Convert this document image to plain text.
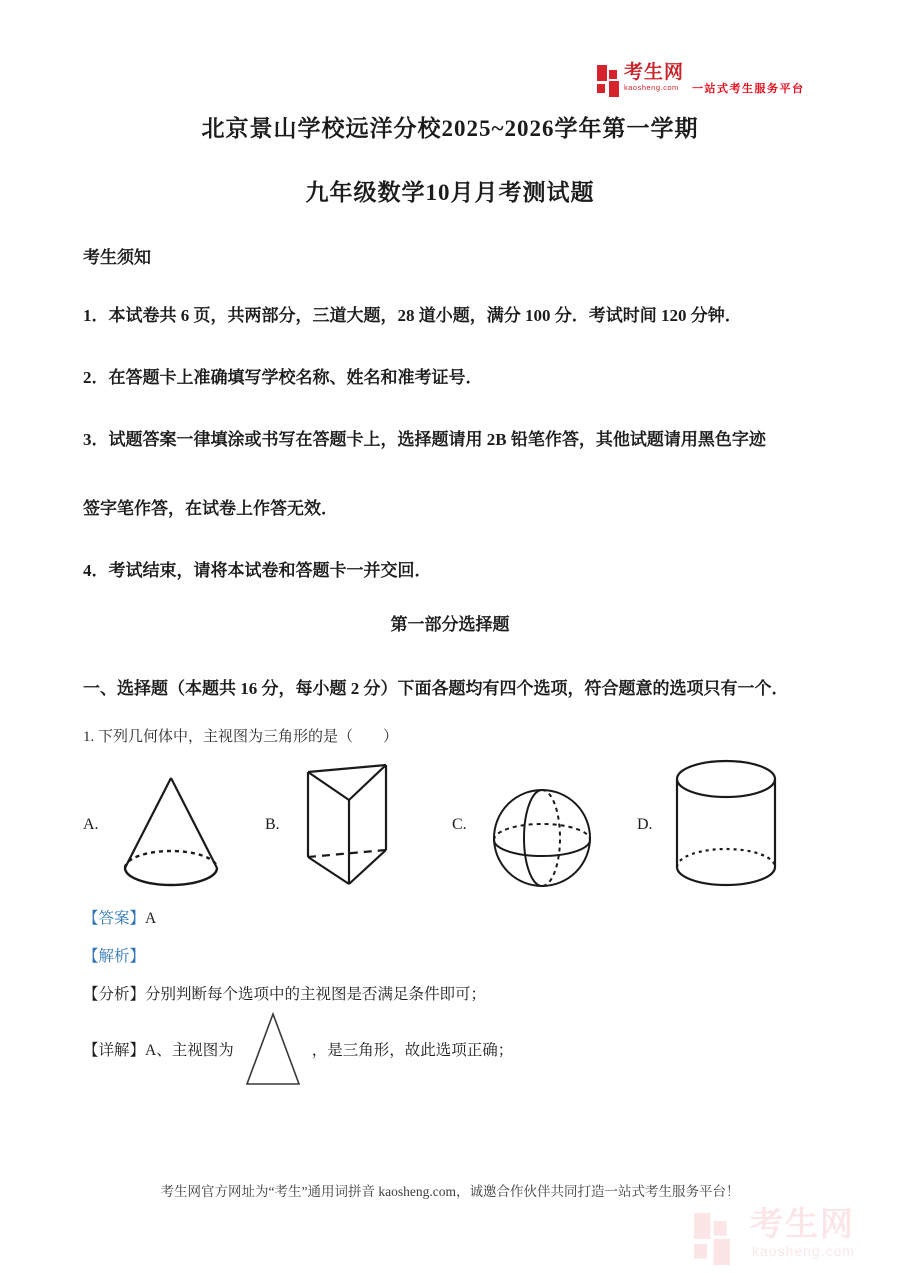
考生网
kaosheng.com	一站式考生服务平台
北京景山学校远洋分校2025~2026学年第一学期
九年级数学10月月考测试题
考生须知
1．本试卷共 6 页，共两部分，三道大题，28 道小题，满分 100 分．考试时间 120 分钟．
2．在答题卡上准确填写学校名称、姓名和准考证号．
3．试题答案一律填涂或书写在答题卡上，选择题请用 2B 铅笔作答，其他试题请用黑色字迹
签字笔作答，在试卷上作答无效．
4．考试结束，请将本试卷和答题卡一并交回．
第一部分选择题
一、选择题（本题共 16 分，每小题 2 分）下面各题均有四个选项，符合题意的选项只有一个．
1. 下列几何体中，主视图为三角形的是（　　）
A.	B.	C.	D.
【答案】A
【解析】
【分析】分别判断每个选项中的主视图是否满足条件即可；
【详解】 A、主视图为	，是三角形，故此选项正确；
考生网官方网址为“考生”通用词拼音 kaosheng.com，诚邀合作伙伴共同打造一站式考生服务平台！
考生网
kaosheng.com
